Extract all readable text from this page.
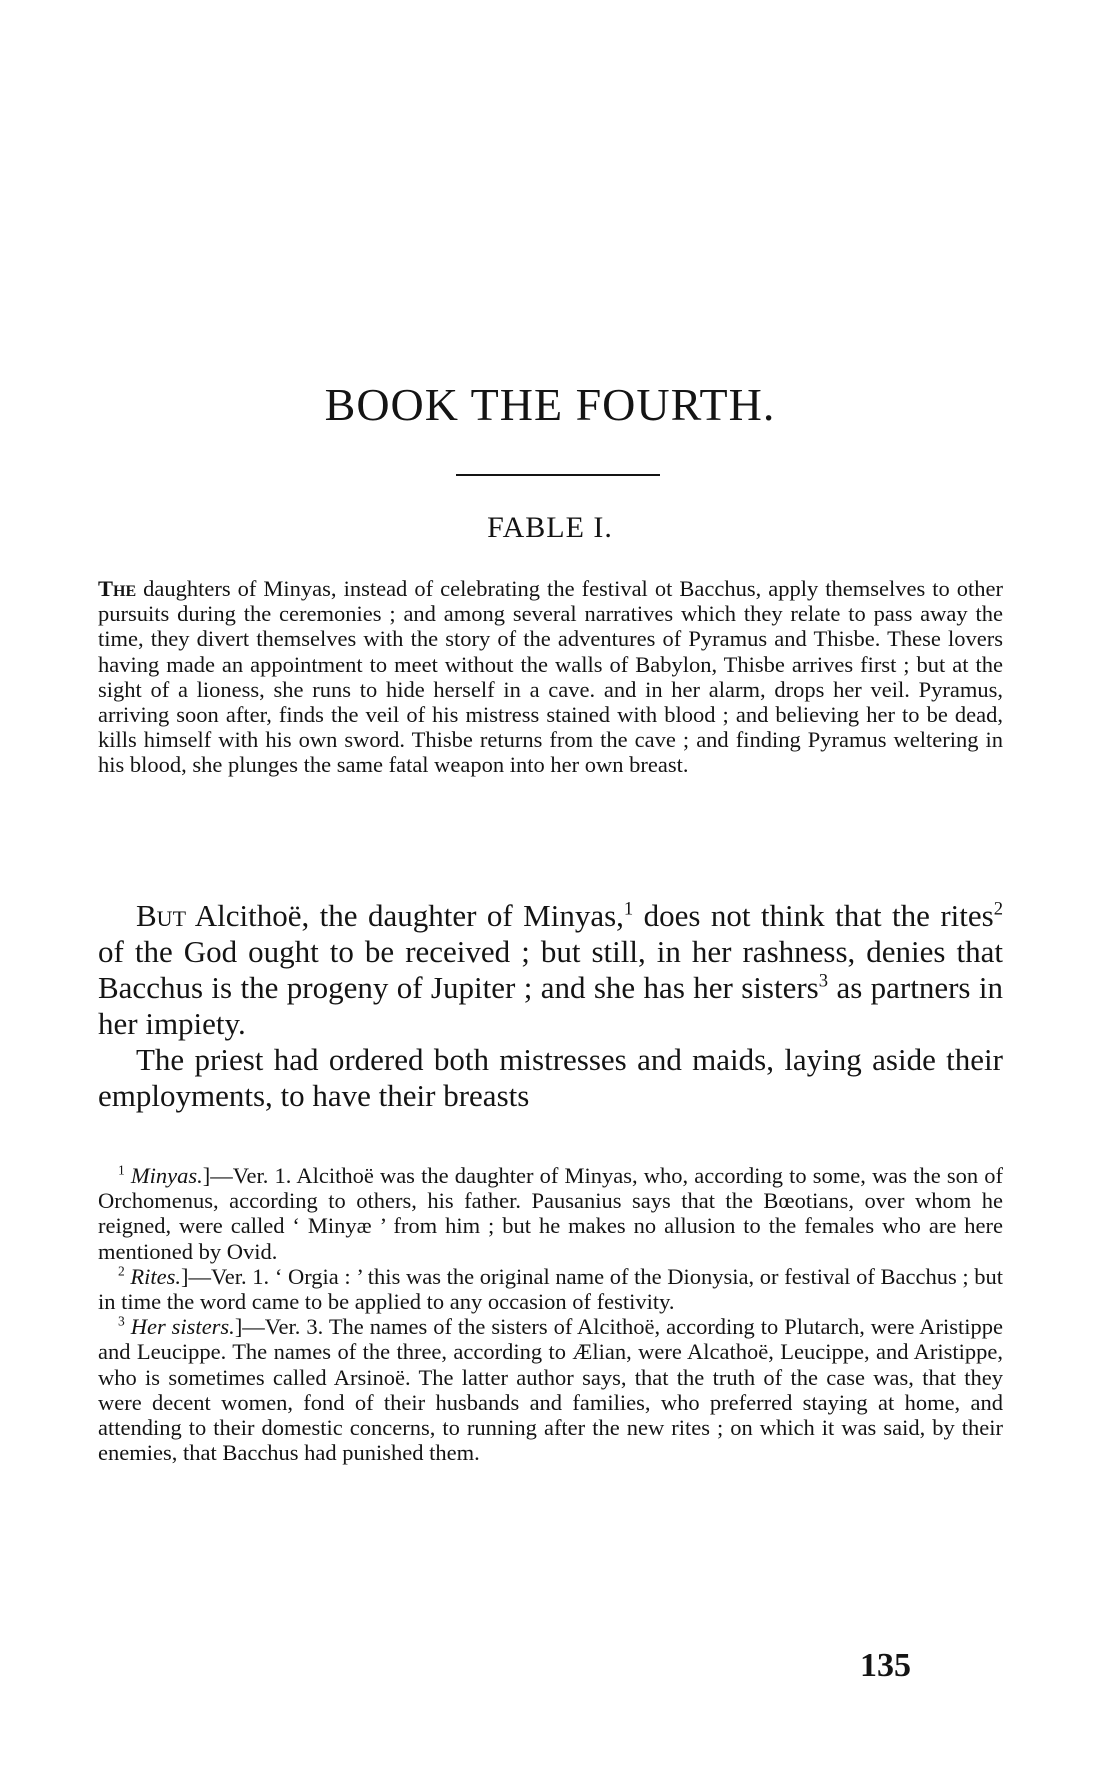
BOOK THE FOURTH.
FABLE I.

The daughters of Minyas, instead of celebrating the festival ot Bacchus, apply themselves to other pursuits during the ceremonies ; and among several narratives which they relate to pass away the time, they divert themselves with the story of the adventures of Pyramus and Thisbe. These lovers having made an appointment to meet without the walls of Babylon, Thisbe arrives first ; but at the sight of a lioness, she runs to hide herself in a cave. and in her alarm, drops her veil. Pyramus, arriving soon after, finds the veil of his mistress stained with blood ; and believing her to be dead, kills himself with his own sword. Thisbe returns from the cave ; and finding Pyramus weltering in his blood, she plunges the same fatal weapon into her own breast.

But Alcithoë, the daughter of Minyas,$^1$ does not think that the rites$^2$ of the God ought to be received ; but still, in her rashness, denies that Bacchus is the progeny of Jupiter ; and she has her sisters$^3$ as partners in her impiety.

The priest had ordered both mistresses and maids, laying aside their employments, to have their breasts

$^1$ Minyas.]—Ver. 1. Alcithoë was the daughter of Minyas, who, according to some, was the son of Orchomenus, according to others, his father. Pausanius says that the Bœotians, over whom he reigned, were called ‘ Minyæ ’ from him ; but he makes no allusion to the females who are here mentioned by Ovid.

$^2$ Rites.]—Ver. 1. ‘ Orgia : ’ this was the original name of the Dionysia, or festival of Bacchus ; but in time the word came to be applied to any occasion of festivity.

$^3$ Her sisters.]—Ver. 3. The names of the sisters of Alcithoë, according to Plutarch, were Aristippe and Leucippe. The names of the three, according to Ælian, were Alcathoë, Leucippe, and Aristippe, who is sometimes called Arsinoë. The latter author says, that the truth of the case was, that they were decent women, fond of their husbands and families, who preferred staying at home, and attending to their domestic concerns, to running after the new rites ; on which it was said, by their enemies, that Bacchus had punished them.

135
